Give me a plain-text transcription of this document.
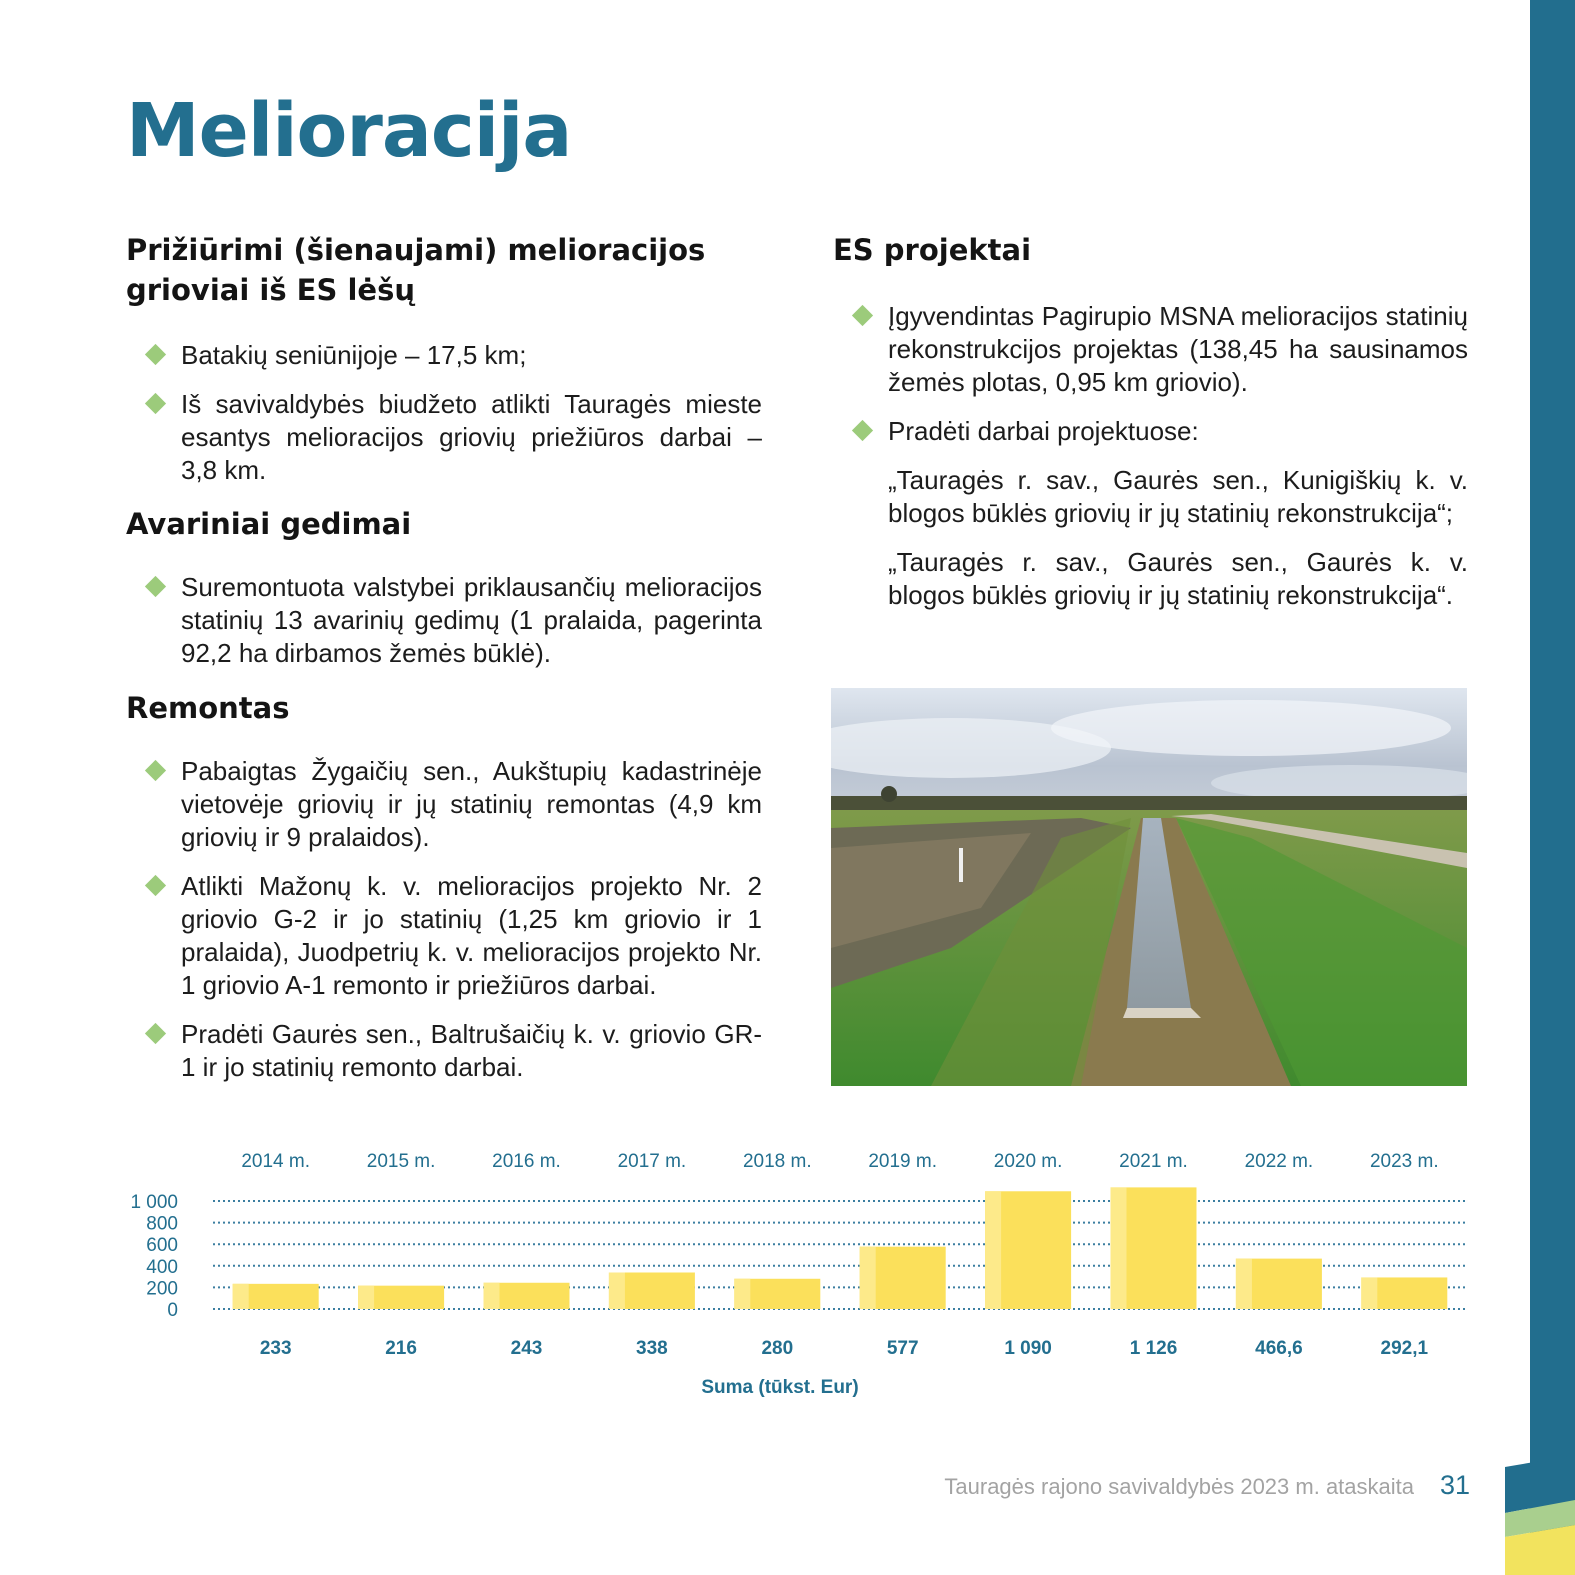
Melioracija
Prižiūrimi (šienaujami) melioracijos grioviai iš ES lėšų
Batakių seniūnijoje – 17,5 km;
Iš savivaldybės biudžeto atlikti Tauragės mieste esantys melioracijos griovių priežiūros darbai – 3,8 km.
Avariniai gedimai
Suremontuota valstybei priklausančių melioracijos statinių 13 avarinių gedimų (1 pralaida, pagerinta 92,2 ha dirbamos žemės būklė).
Remontas
Pabaigtas Žygaičių sen., Aukštupių kadastrinėje vietovėje griovių ir jų statinių remontas (4,9 km griovių ir 9 pralaidos).
Atlikti Mažonų k. v. melioracijos projekto Nr. 2 griovio G-2 ir jo statinių (1,25 km griovio ir 1 pralaida), Juodpetrių k. v. melioracijos projekto Nr. 1 griovio A-1 remonto ir priežiūros darbai.
Pradėti Gaurės sen., Baltrušaičių k. v. griovio GR-1 ir jo statinių remonto darbai.
ES projektai
Įgyvendintas Pagirupio MSNA melioracijos statinių rekonstrukcijos projektas (138,45 ha sausinamos žemės plotas, 0,95 km griovio).
Pradėti darbai projektuose:

„Tauragės r. sav., Gaurės sen., Kunigiškių k. v. blogos būklės griovių ir jų statinių rekonstrukcija“;

„Tauragės r. sav., Gaurės sen., Gaurės k. v. blogos būklės griovių ir jų statinių rekonstrukcija“.

0
200
400
600
800
1 000
2014 m.
233
2015 m.
216
2016 m.
243
2017 m.
338
2018 m.
280
2019 m.
577
2020 m.
1 090
2021 m.
1 126
2022 m.
466,6
2023 m.
292,1
Suma (tūkst. Eur)
Tauragės rajono savivaldybės 2023 m. ataskaita 31
